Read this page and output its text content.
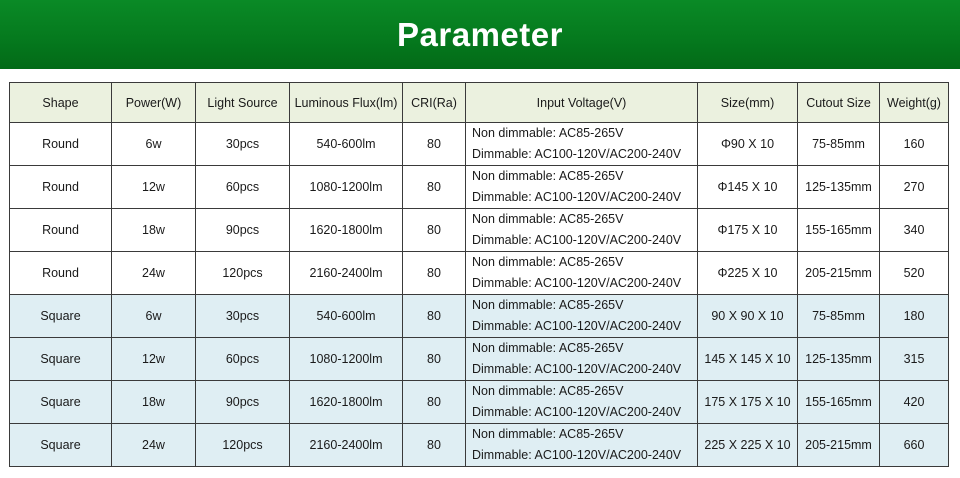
Parameter
Shape	Power(W)	Light Source	Luminous Flux(lm)	CRI(Ra)	Input Voltage(V)	Size(mm)	Cutout Size	Weight(g)
Round	6w	30pcs	540-600lm	80	Non dimmable: AC85-265V
Dimmable: AC100-120V/AC200-240V	Φ90 X 10	75-85mm	160
Round	12w	60pcs	1080-1200lm	80	Non dimmable: AC85-265V
Dimmable: AC100-120V/AC200-240V	Φ145 X 10	125-135mm	270
Round	18w	90pcs	1620-1800lm	80	Non dimmable: AC85-265V
Dimmable: AC100-120V/AC200-240V	Φ175 X 10	155-165mm	340
Round	24w	120pcs	2160-2400lm	80	Non dimmable: AC85-265V
Dimmable: AC100-120V/AC200-240V	Φ225 X 10	205-215mm	520
Square	6w	30pcs	540-600lm	80	Non dimmable: AC85-265V
Dimmable: AC100-120V/AC200-240V	90 X 90 X 10	75-85mm	180
Square	12w	60pcs	1080-1200lm	80	Non dimmable: AC85-265V
Dimmable: AC100-120V/AC200-240V	145 X 145 X 10	125-135mm	315
Square	18w	90pcs	1620-1800lm	80	Non dimmable: AC85-265V
Dimmable: AC100-120V/AC200-240V	175 X 175 X 10	155-165mm	420
Square	24w	120pcs	2160-2400lm	80	Non dimmable: AC85-265V
Dimmable: AC100-120V/AC200-240V	225 X 225 X 10	205-215mm	660
